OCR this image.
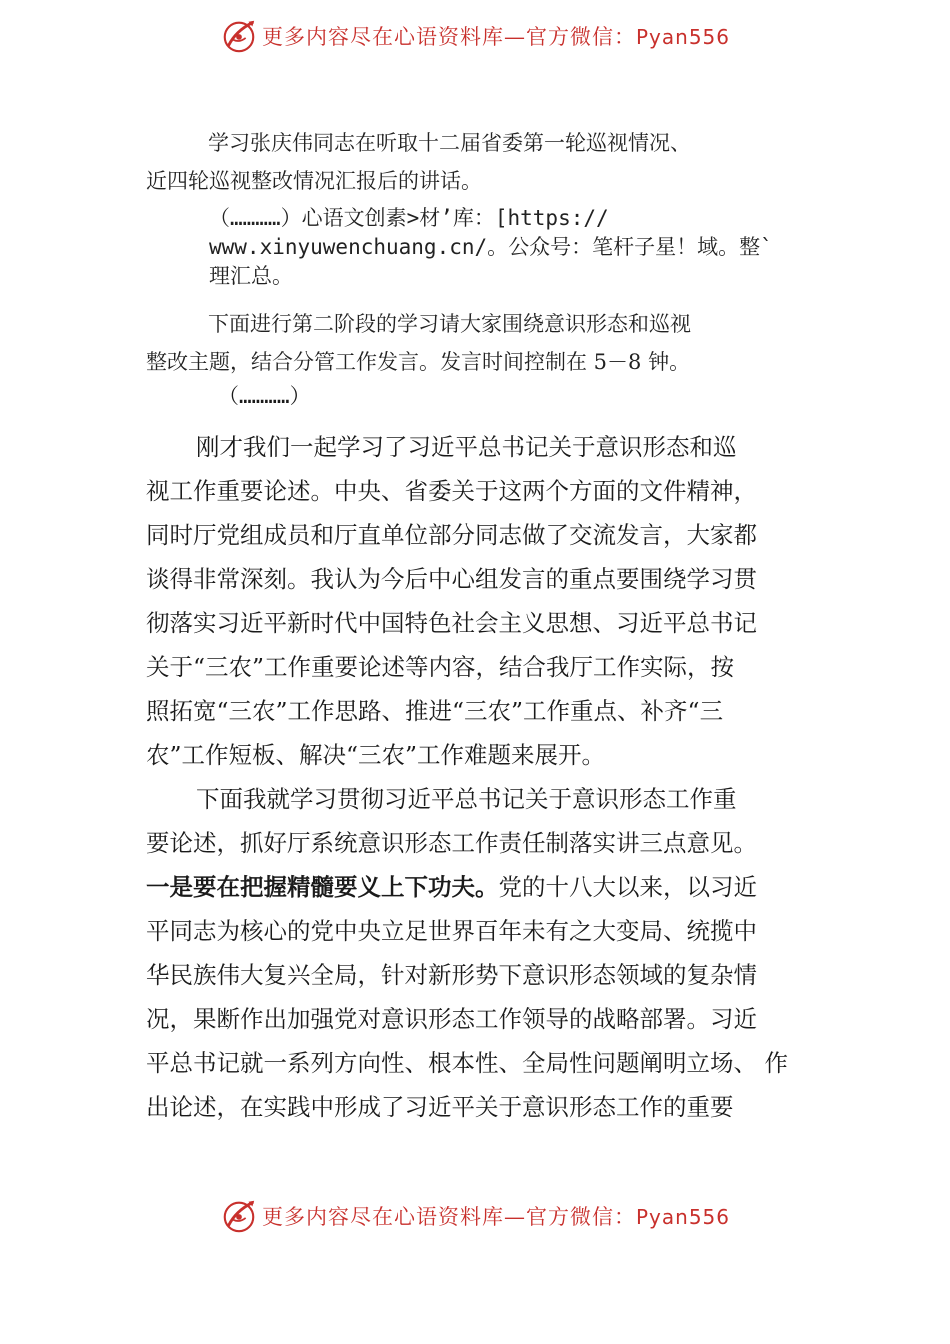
更多内容尽在心语资料库—官方微信：Pyan556
学习张庆伟同志在听取十二届省委第一轮巡视情况、
近四轮巡视整改情况汇报后的讲话。
（…………）心语文创素>材’库：[https://
www.xinyuwenchuang.cn/。公众号：笔杆子星！域。整`
理汇总。
下面进行第二阶段的学习请大家围绕意识形态和巡视
整改主题，结合分管工作发言。发言时间控制在 5－8 钟。
（…………）
刚才我们一起学习了习近平总书记关于意识形态和巡
视工作重要论述。中央、省委关于这两个方面的文件精神，
同时厅党组成员和厅直单位部分同志做了交流发言，大家都
谈得非常深刻。我认为今后中心组发言的重点要围绕学习贯
彻落实习近平新时代中国特色社会主义思想、习近平总书记
关于“三农”工作重要论述等内容，结合我厅工作实际，按
照拓宽“三农”工作思路、推进“三农”工作重点、补齐“三
农”工作短板、解决“三农”工作难题来展开。
下面我就学习贯彻习近平总书记关于意识形态工作重
要论述，抓好厅系统意识形态工作责任制落实讲三点意见。
一是要在把握精髓要义上下功夫。党的十八大以来，以习近
平同志为核心的党中央立足世界百年未有之大变局、统揽中
华民族伟大复兴全局，针对新形势下意识形态领域的复杂情
况，果断作出加强党对意识形态工作领导的战略部署。习近
平总书记就一系列方向性、根本性、全局性问题阐明立场、 作
出论述，在实践中形成了习近平关于意识形态工作的重要
更多内容尽在心语资料库—官方微信：Pyan556
